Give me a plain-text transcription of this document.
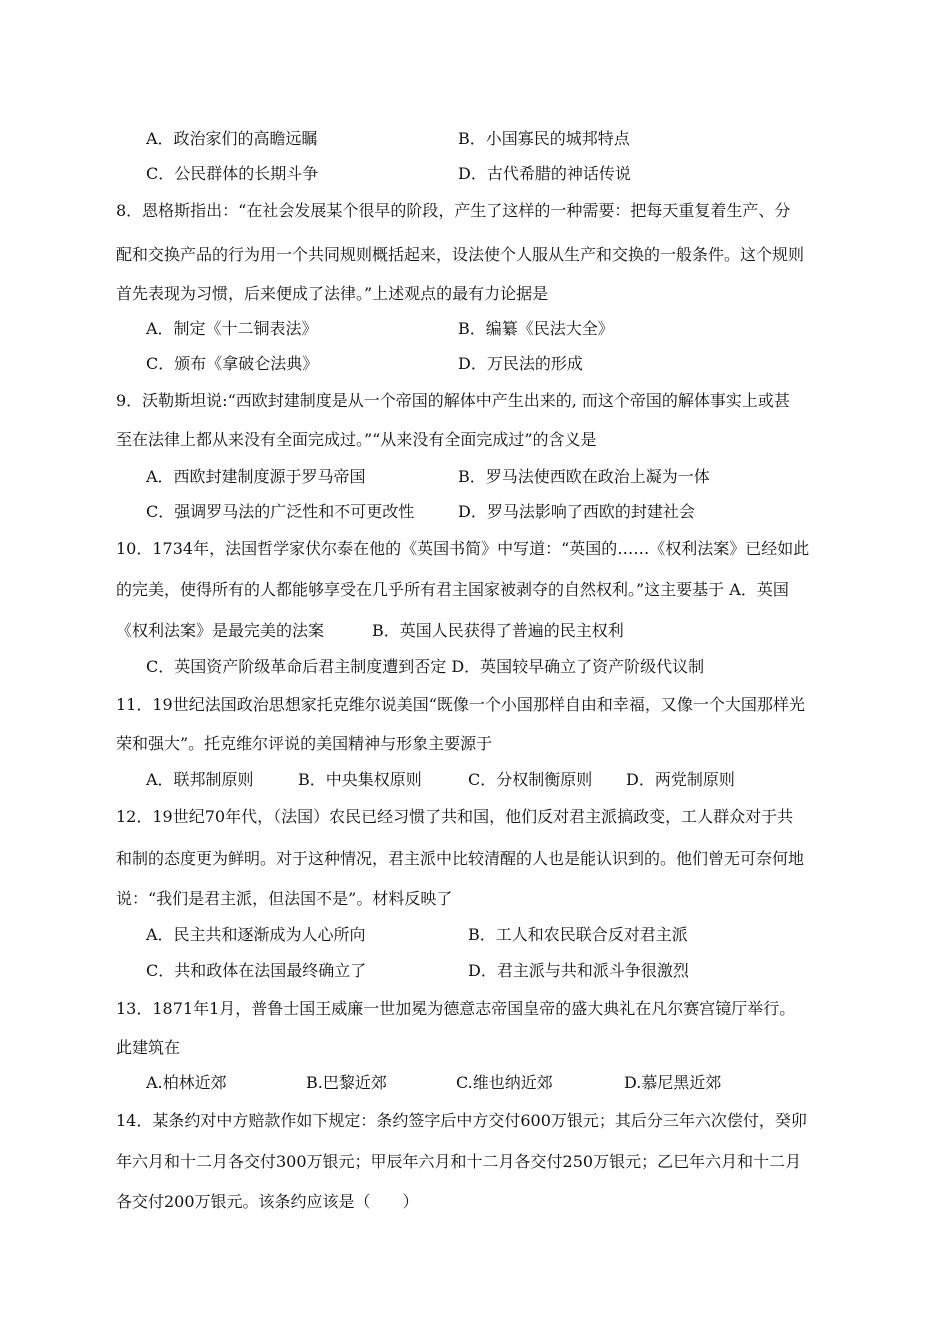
A．政治家们的高瞻远瞩	B．小国寡民的城邦特点
C．公民群体的长期斗争	D．古代希腊的神话传说
8．恩格斯指出：“在社会发展某个很早的阶段，产生了这样的一种需要：把每天重复着生产、分
配和交换产品的行为用一个共同规则概括起来，设法使个人服从生产和交换的一般条件。这个规则
首先表现为习惯，后来便成了法律。”上述观点的最有力论据是
A．制定《十二铜表法》	B．编纂《民法大全》
C．颁布《拿破仑法典》	D．万民法的形成
9．沃勒斯坦说:“西欧封建制度是从一个帝国的解体中产生出来的, 而这个帝国的解体事实上或甚
至在法律上都从来没有全面完成过。”“从来没有全面完成过”的含义是
A．西欧封建制度源于罗马帝国	B．罗马法使西欧在政治上凝为一体
C．强调罗马法的广泛性和不可更改性	D．罗马法影响了西欧的封建社会
10．1734年，法国哲学家伏尔泰在他的《英国书简》中写道：“英国的……《权利法案》已经如此
的完美，使得所有的人都能够享受在几乎所有君主国家被剥夺的自然权利。”这主要基于 A．英国
《权利法案》是最完美的法案	B．英国人民获得了普遍的民主权利
C．英国资产阶级革命后君主制度遭到否定 D．英国较早确立了资产阶级代议制
11．19世纪法国政治思想家托克维尔说美国“既像一个小国那样自由和幸福，又像一个大国那样光
荣和强大”。托克维尔评说的美国精神与形象主要源于
A．联邦制原则	B．中央集权原则	C．分权制衡原则 D．两党制原则
12．19世纪70年代，（法国）农民已经习惯了共和国，他们反对君主派搞政变，工人群众对于共
和制的态度更为鲜明。对于这种情况，君主派中比较清醒的人也是能认识到的。他们曾无可奈何地
说：“我们是君主派，但法国不是”。材料反映了
A．民主共和逐渐成为人心所向	B．工人和农民联合反对君主派
C．共和政体在法国最终确立了	D．君主派与共和派斗争很激烈
13．1871年1月，普鲁士国王威廉一世加冕为德意志帝国皇帝的盛大典礼在凡尔赛宫镜厅举行。
此建筑在
A.柏林近郊	B.巴黎近郊	C.维也纳近郊	D.慕尼黑近郊
14．某条约对中方赔款作如下规定：条约签字后中方交付600万银元；其后分三年六次偿付，癸卯
年六月和十二月各交付300万银元；甲辰年六月和十二月各交付250万银元；乙巳年六月和十二月
各交付200万银元。该条约应该是（　　）
